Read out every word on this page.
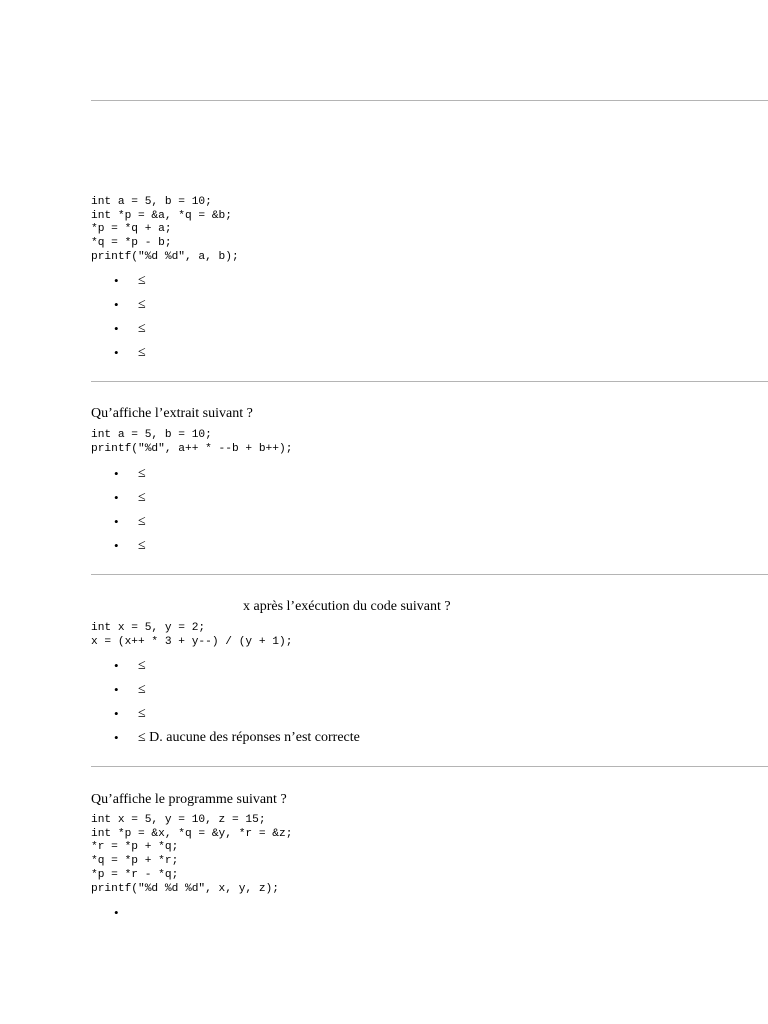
int a = 5, b = 10;
int *p = &a, *q = &b;
*p = *q + a;
*q = *p - b;
printf("%d %d", a, b);
• ≤
• ≤
• ≤
• ≤
Qu’affiche l’extrait suivant ?
int a = 5, b = 10;
printf("%d", a++ * --b + b++);
• ≤
• ≤
• ≤
• ≤
x après l’exécution du code suivant ?
int x = 5, y = 2;
x = (x++ * 3 + y--) / (y + 1);
• ≤
• ≤
• ≤
• ≤ D. aucune des réponses n’est correcte
Qu’affiche le programme suivant ?
int x = 5, y = 10, z = 15;
int *p = &x, *q = &y, *r = &z;
*r = *p + *q;
*q = *p + *r;
*p = *r - *q;
printf("%d %d %d", x, y, z);
•
